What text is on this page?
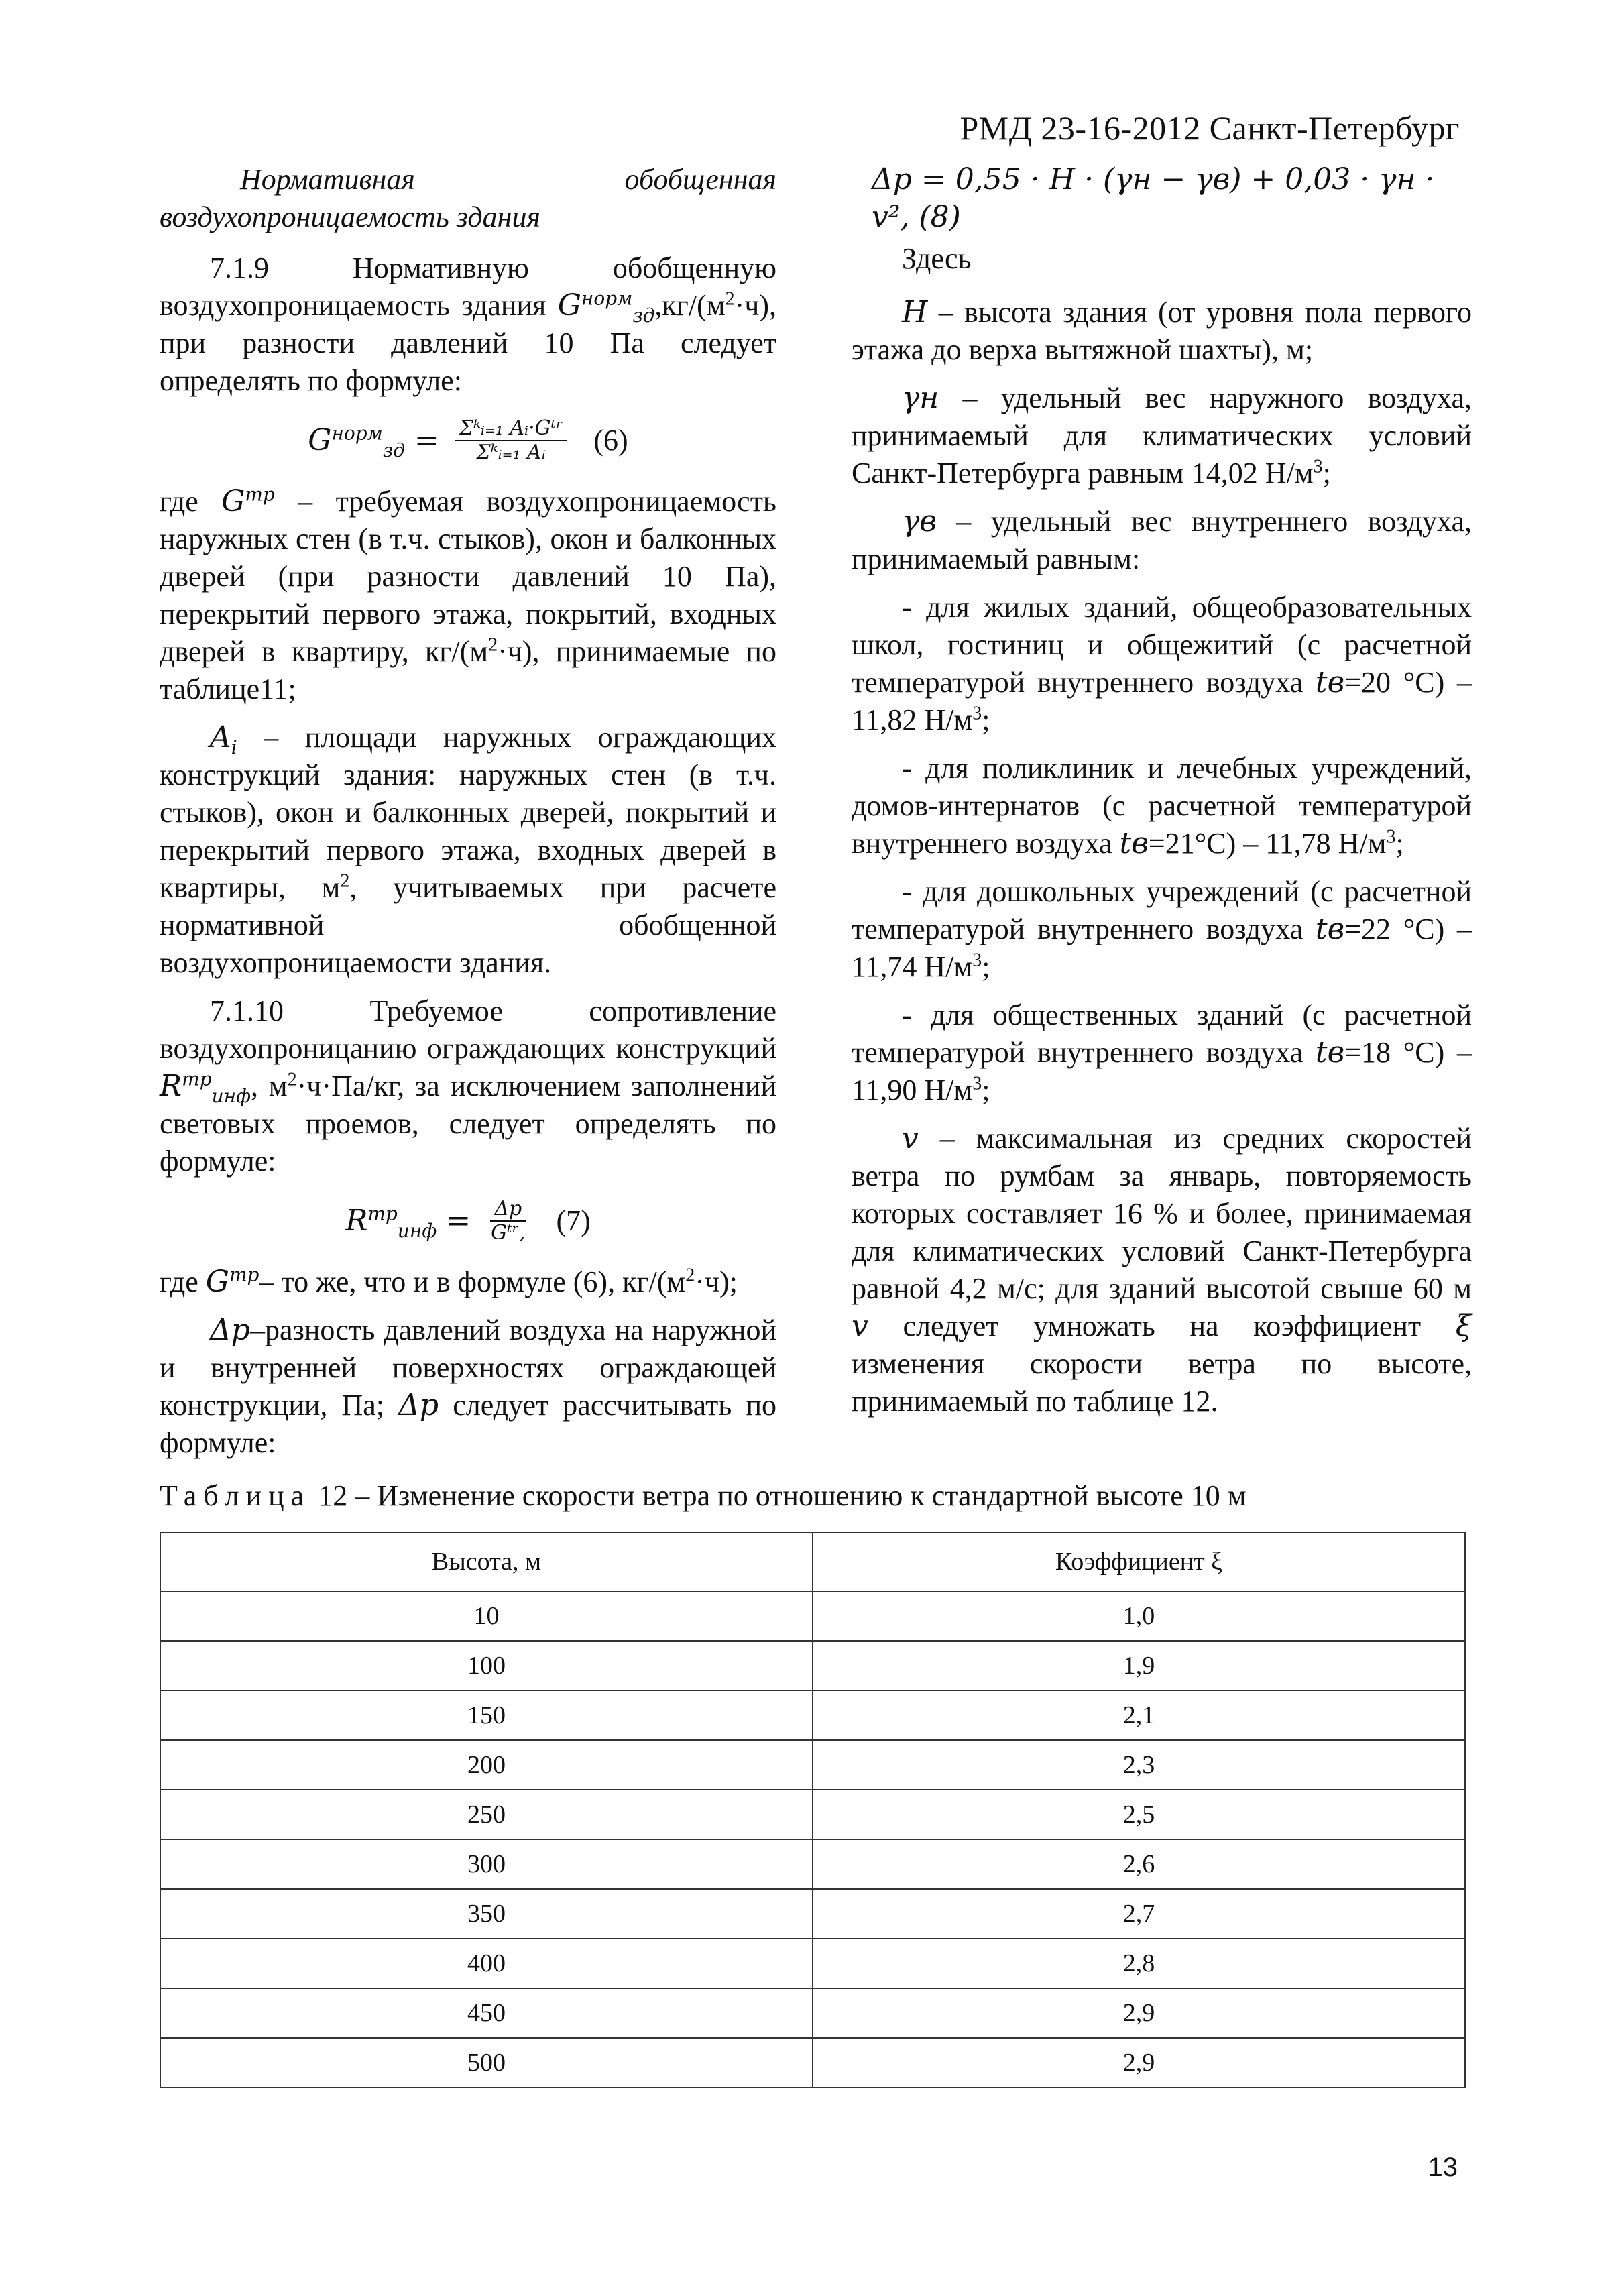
РМД 23-16-2012 Санкт-Петербург

Нормативная обобщенная воздухопроницаемость здания

7.1.9 Нормативную обобщенную воздухопроницаемость здания $G^{норм}_{зд},кг/(м^2\cdot ч)$, при разности давлений 10 Па следует определять по формуле:

$G^{норм}_{зд} = \frac{\text{Σᵏᵢ₌₁ Aᵢ·Gᵗʳ}}{\text{Σᵏᵢ₌₁ Aᵢ}} (6)$

где $G^{тр}$ – требуемая воздухопроницаемость наружных стен (в т.ч. стыков), окон и балконных дверей (при разности давлений 10 Па), перекрытий первого этажа, покрытий, входных дверей в квартиру, $кг/(м^2\cdot ч)$, принимаемые по таблице11;

$A_i$ – площади наружных ограждающих конструкций здания: наружных стен (в т.ч. стыков), окон и балконных дверей, покрытий и перекрытий первого этажа, входных дверей в квартиры, $м^2$, учитываемых при расчете нормативной обобщенной воздухопроницаемости здания.

7.1.10 Требуемое сопротивление воздухопроницанию ограждающих конструкций $R^{тр}_{инф}$, $м^2\cdot ч\cdot Па/кг$, за исключением заполнений световых проемов, следует определять по формуле:

$R^{тр}_{инф} = \frac{\Delta p}{\text{Gᵗʳ,}} (7)$

где $G^{тр}-$ то же, что и в формуле (6), $кг/(м^2\cdot ч)$;

Δp–разность давлений воздуха на наружной и внутренней поверхностях ограждающей конструкции, Па; Δp следует рассчитывать по формуле:

Δp = 0,55 · H · (γн − γв) + 0,03 · γн · v², (8)

Здесь

H – высота здания (от уровня пола первого этажа до верха вытяжной шахты), м;

γн – удельный вес наружного воздуха, принимаемый для климатических условий Санкт-Петербурга равным 14,02 $Н/м^3$;

γв – удельный вес внутреннего воздуха, принимаемый равным:

- для жилых зданий, общеобразовательных школ, гостиниц и общежитий (с расчетной температурой внутреннего воздуха tв=20 °С) – 11,82 $Н/м^3$;

- для поликлиник и лечебных учреждений, домов-интернатов (с расчетной температурой внутреннего воздуха tв=21°С) – 11,78 $Н/м^3$;

- для дошкольных учреждений (с расчетной температурой внутреннего воздуха tв=22 °С) – 11,74 $Н/м^3$;

- для общественных зданий (с расчетной температурой внутреннего воздуха tв=18 °С) – 11,90 $Н/м^3$;

v – максимальная из средних скоростей ветра по румбам за январь, повторяемость которых составляет 16 % и более, принимаемая для климатических условий Санкт-Петербурга равной 4,2 м/с; для зданий высотой свыше 60 м v следует умножать на коэффициент ξ изменения скорости ветра по высоте, принимаемый по таблице 12.

Таблица 12 – Изменение скорости ветра по отношению к стандартной высоте 10 м
Высота, м	Коэффициент ξ
10	1,0
100	1,9
150	2,1
200	2,3
250	2,5
300	2,6
350	2,7
400	2,8
450	2,9
500	2,9
13
